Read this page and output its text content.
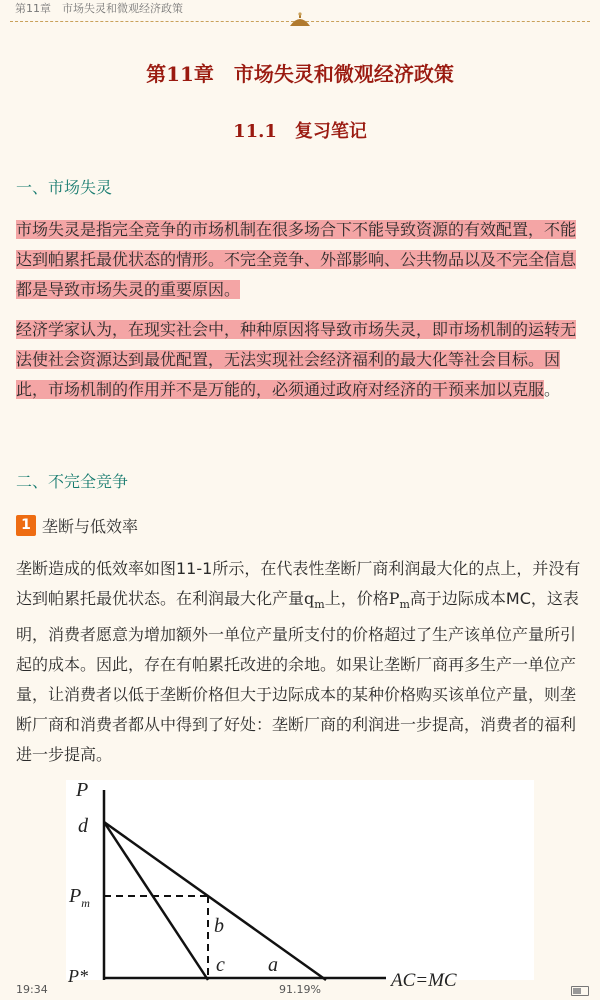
第11章　市场失灵和微观经济政策
第11章　市场失灵和微观经济政策
11.1　复习笔记
一、市场失灵

市场失灵是指完全竞争的市场机制在很多场合下不能导致资源的有效配置，不能达到帕累托最优状态的情形。不完全竞争、外部影响、公共物品以及不完全信息都是导致市场失灵的重要原因。

经济学家认为，在现实社会中，种种原因将导致市场失灵，即市场机制的运转无法使社会资源达到最优配置，无法实现社会经济福利的最大化等社会目标。因此，市场机制的作用并不是万能的，必须通过政府对经济的干预来加以克服。

二、不完全竞争
1 垄断与低效率

垄断造成的低效率如图11-1所示，在代表性垄断厂商利润最大化的点上，并没有达到帕累托最优状态。在利润最大化产量$q_m$上，价格$P_m$高于边际成本MC，这表明，消费者愿意为增加额外一单位产量所支付的价格超过了生产该单位产量所引起的成本。因此，存在有帕累托改进的余地。如果让垄断厂商再多生产一单位产量，让消费者以低于垄断价格但大于边际成本的某种价格购买该单位产量，则垄断厂商和消费者都从中得到了好处：垄断厂商的利润进一步提高，消费者的福利进一步提高。

P
d
$P_m$
P*
b
c a
AC=MC
19:34	91.19%
